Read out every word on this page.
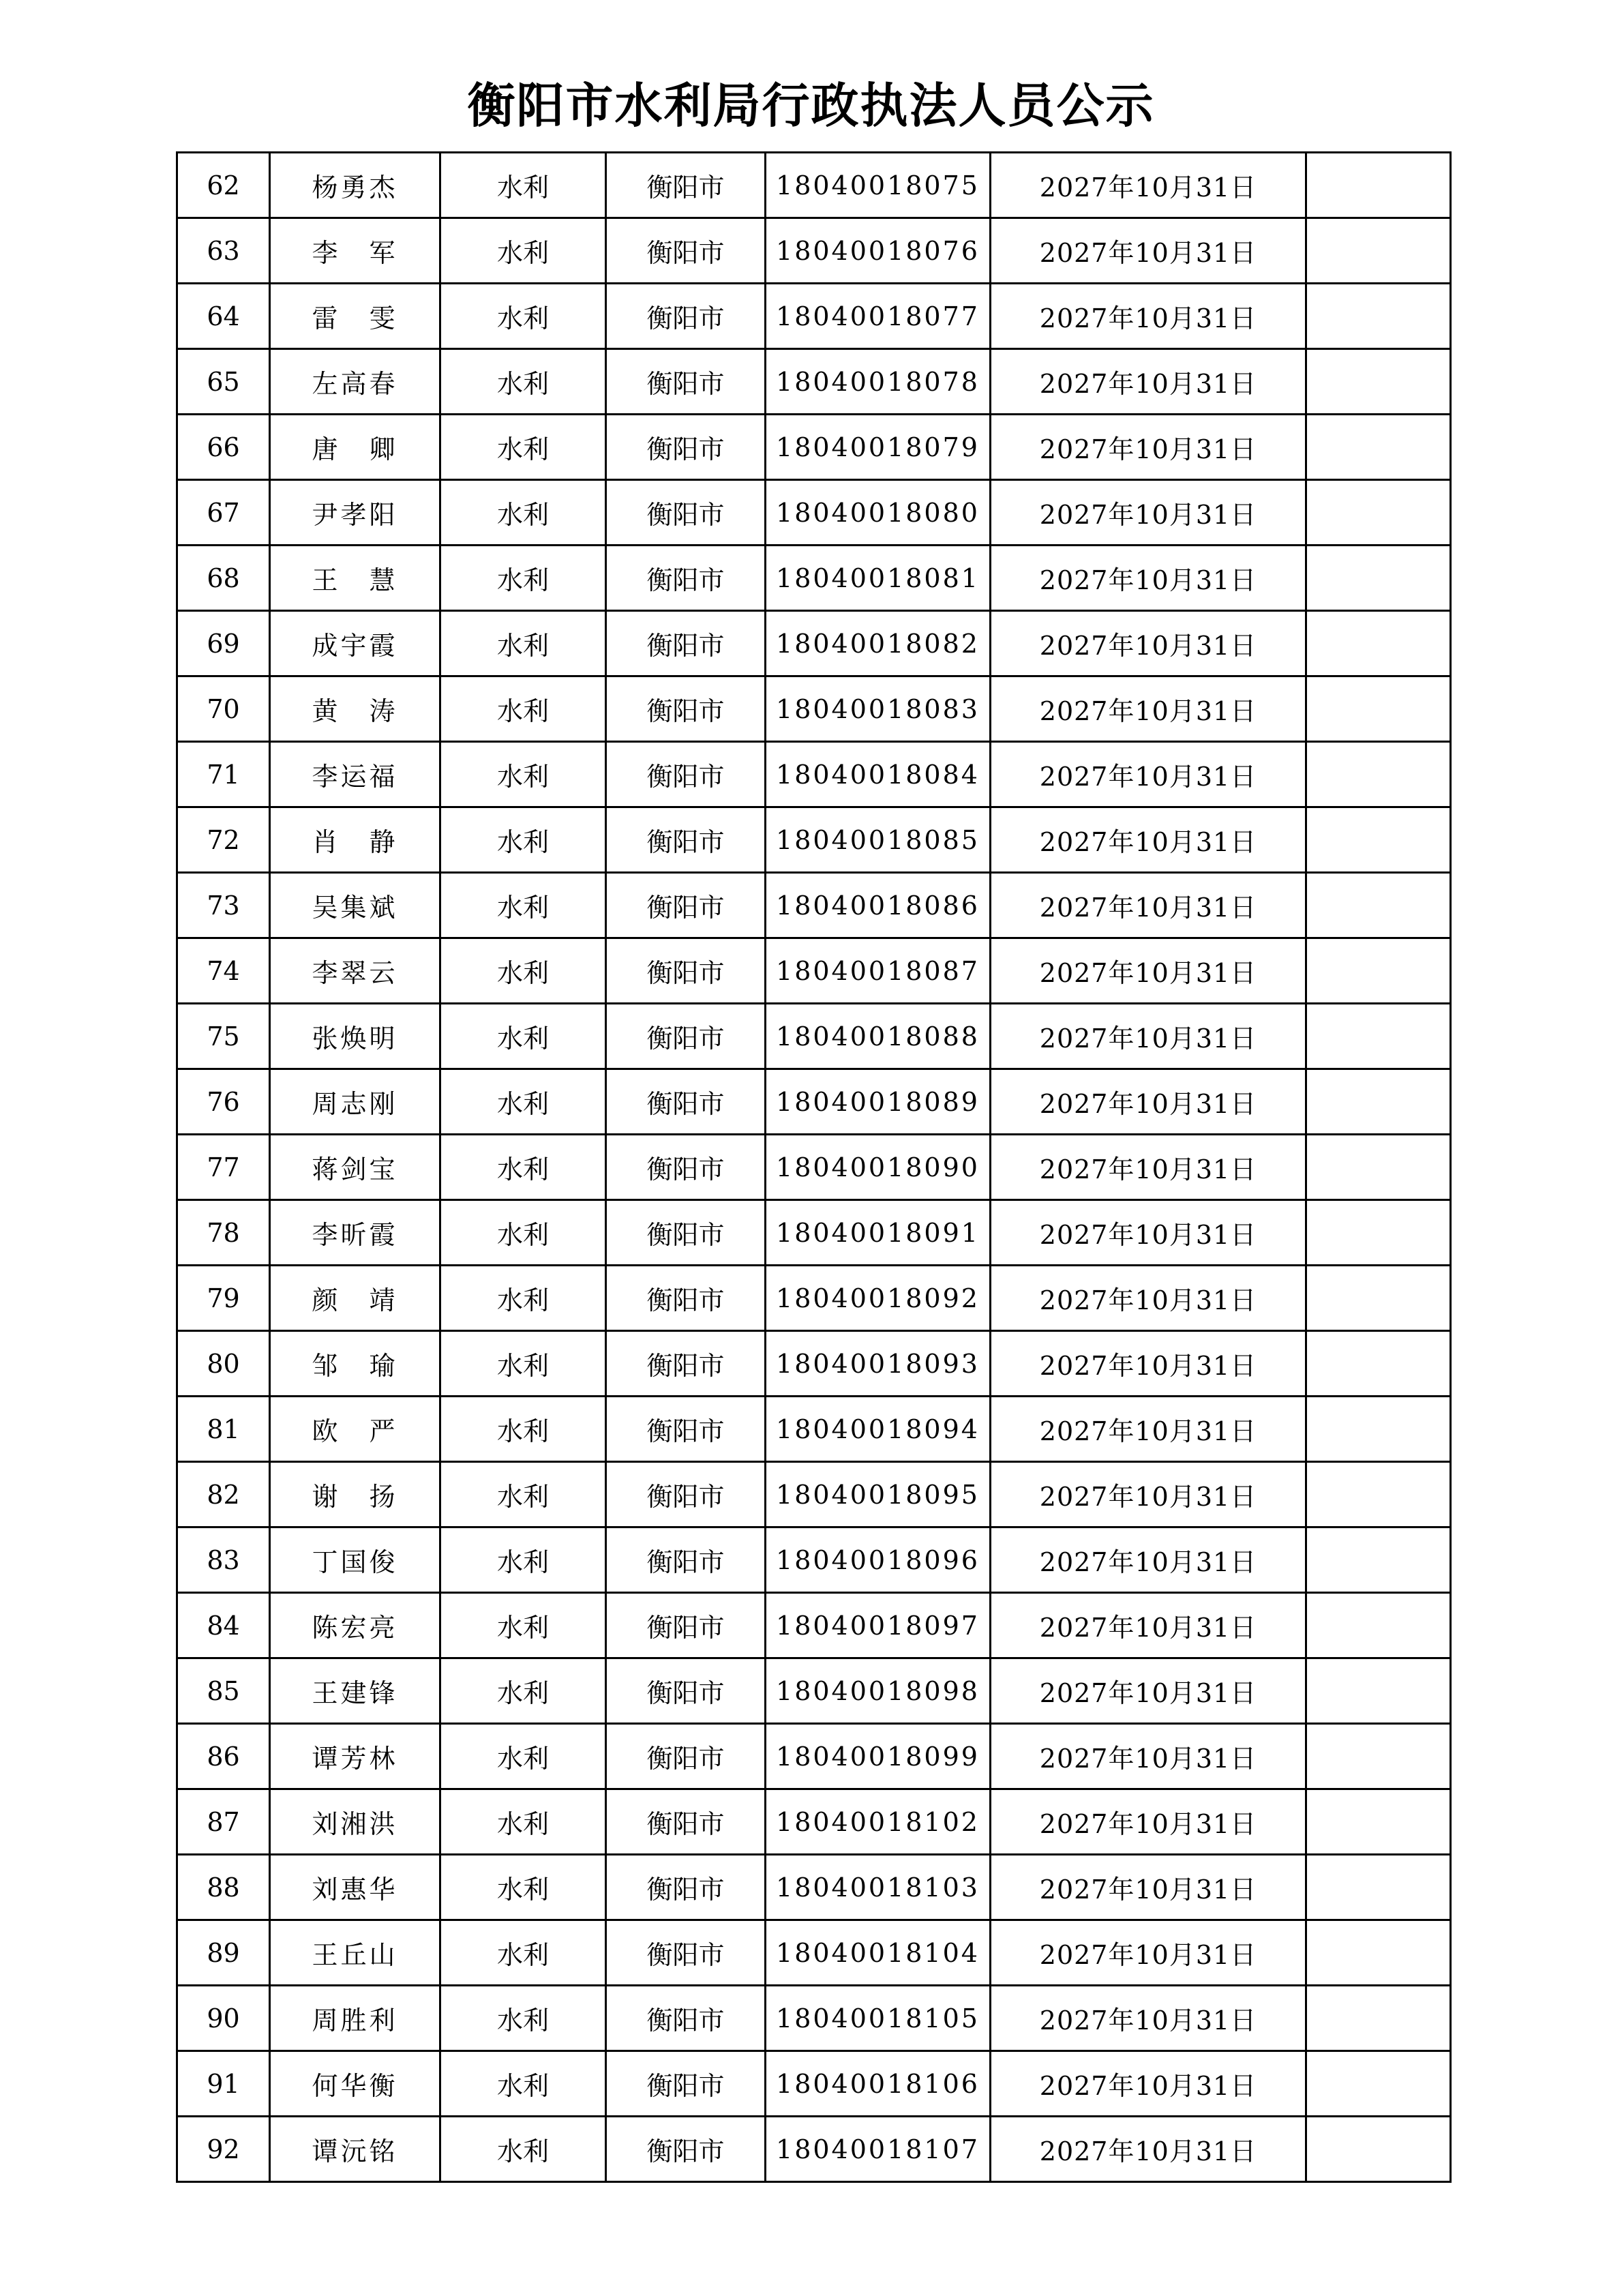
衡阳市水利局行政执法人员公示
62	杨勇杰	水利	衡阳市	18040018075	2027年10月31日	
63	李　军	水利	衡阳市	18040018076	2027年10月31日	
64	雷　雯	水利	衡阳市	18040018077	2027年10月31日	
65	左高春	水利	衡阳市	18040018078	2027年10月31日	
66	唐　卿	水利	衡阳市	18040018079	2027年10月31日	
67	尹孝阳	水利	衡阳市	18040018080	2027年10月31日	
68	王　慧	水利	衡阳市	18040018081	2027年10月31日	
69	成宇霞	水利	衡阳市	18040018082	2027年10月31日	
70	黄　涛	水利	衡阳市	18040018083	2027年10月31日	
71	李运福	水利	衡阳市	18040018084	2027年10月31日	
72	肖　静	水利	衡阳市	18040018085	2027年10月31日	
73	吴集斌	水利	衡阳市	18040018086	2027年10月31日	
74	李翠云	水利	衡阳市	18040018087	2027年10月31日	
75	张焕明	水利	衡阳市	18040018088	2027年10月31日	
76	周志刚	水利	衡阳市	18040018089	2027年10月31日	
77	蒋剑宝	水利	衡阳市	18040018090	2027年10月31日	
78	李昕霞	水利	衡阳市	18040018091	2027年10月31日	
79	颜　靖	水利	衡阳市	18040018092	2027年10月31日	
80	邹　瑜	水利	衡阳市	18040018093	2027年10月31日	
81	欧　严	水利	衡阳市	18040018094	2027年10月31日	
82	谢　扬	水利	衡阳市	18040018095	2027年10月31日	
83	丁国俊	水利	衡阳市	18040018096	2027年10月31日	
84	陈宏亮	水利	衡阳市	18040018097	2027年10月31日	
85	王建锋	水利	衡阳市	18040018098	2027年10月31日	
86	谭芳林	水利	衡阳市	18040018099	2027年10月31日	
87	刘湘洪	水利	衡阳市	18040018102	2027年10月31日	
88	刘惠华	水利	衡阳市	18040018103	2027年10月31日	
89	王丘山	水利	衡阳市	18040018104	2027年10月31日	
90	周胜利	水利	衡阳市	18040018105	2027年10月31日	
91	何华衡	水利	衡阳市	18040018106	2027年10月31日	
92	谭沅铭	水利	衡阳市	18040018107	2027年10月31日	
